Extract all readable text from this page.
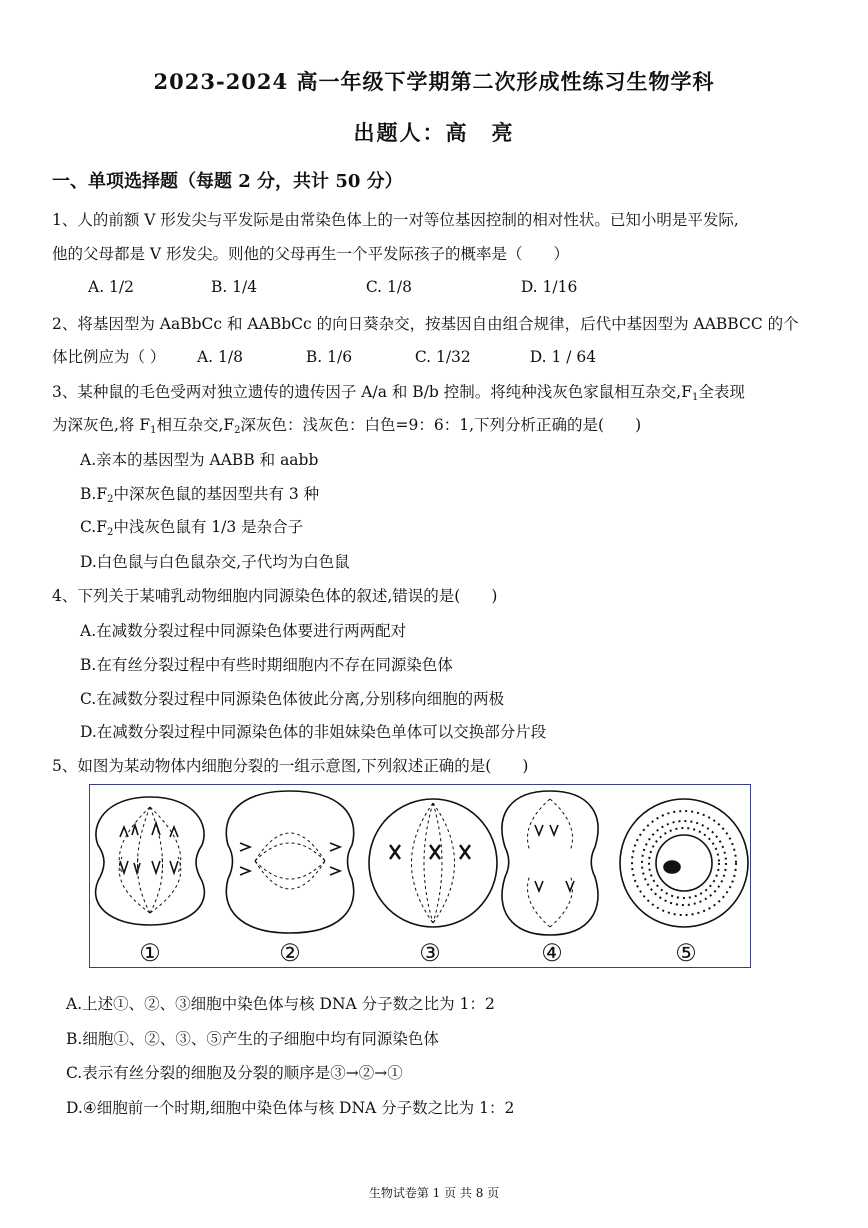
2023-2024 高一年级下学期第二次形成性练习生物学科
出题人：高　亮
一、单项选择题（每题 2 分，共计 50 分）
1、人的前额 V 形发尖与平发际是由常染色体上的一对等位基因控制的相对性状。已知小明是平发际,
他的父母都是 V 形发尖。则他的父母再生一个平发际孩子的概率是（　　）
A. 1/2	B. 1/4	C. 1/8	D. 1/16
2、将基因型为 AaBbCc 和 AABbCc 的向日葵杂交，按基因自由组合规律，后代中基因型为 AABBCC 的个
体比例应为（ ） A. 1/8	B. 1/6	C. 1/32	D. 1 / 64
3、某种鼠的毛色受两对独立遗传的遗传因子 A/a 和 B/b 控制。将纯种浅灰色家鼠相互杂交$,F_1$全表现
为深灰色,将 $F_1$相互杂交$,F_2$深灰色：浅灰色：白色=9：6：1,下列分析正确的是(　　)
A.亲本的基因型为 AABB 和 aabb
$B.F_2$中深灰色鼠的基因型共有 3 种
$C.F_2$中浅灰色鼠有 1/3 是杂合子
D.白色鼠与白色鼠杂交,子代均为白色鼠
4、下列关于某哺乳动物细胞内同源染色体的叙述,错误的是(　　)
A.在减数分裂过程中同源染色体要进行两两配对
B.在有丝分裂过程中有些时期细胞内不存在同源染色体
C.在减数分裂过程中同源染色体彼此分离,分别移向细胞的两极
D.在减数分裂过程中同源染色体的非姐妹染色单体可以交换部分片段
5、如图为某动物体内细胞分裂的一组示意图,下列叙述正确的是(　　)
①	②	③	④	⑤
A.上述①、②、③细胞中染色体与核 DNA 分子数之比为 1：2
B.细胞①、②、③、⑤产生的子细胞中均有同源染色体
C.表示有丝分裂的细胞及分裂的顺序是③→②→①
D.④细胞前一个时期,细胞中染色体与核 DNA 分子数之比为 1：2
生物试卷第 1 页 共 8 页
